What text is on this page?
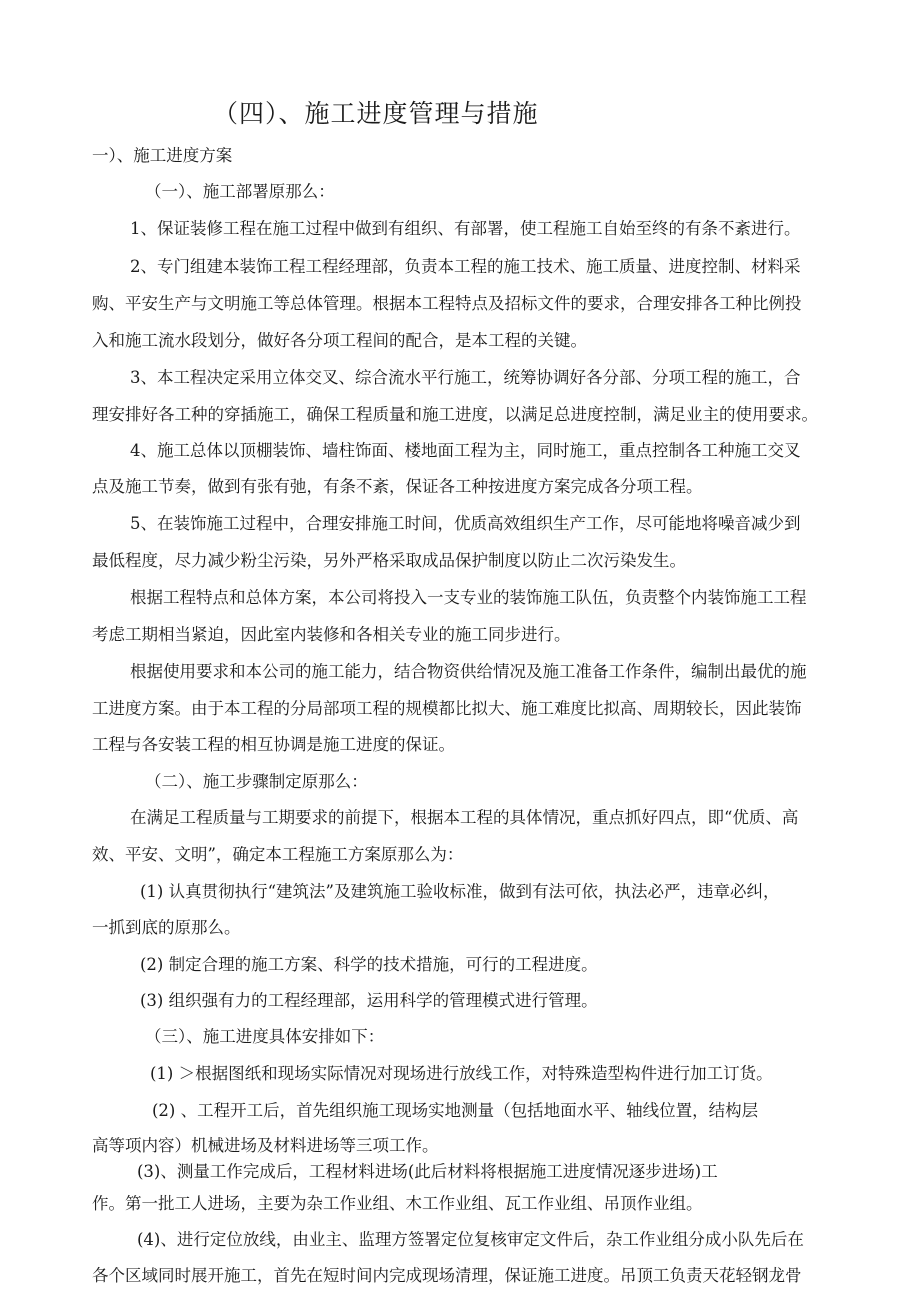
（四）、施工进度管理与措施
一）、施工进度方案
（一）、施工部署原那么：
1、保证装修工程在施工过程中做到有组织、有部署，使工程施工自始至终的有条不紊进行。
2、专门组建本装饰工程工程经理部，负责本工程的施工技术、施工质量、进度控制、材料采
购、平安生产与文明施工等总体管理。根据本工程特点及招标文件的要求，合理安排各工种比例投
入和施工流水段划分，做好各分项工程间的配合，是本工程的关键。
3、本工程决定采用立体交叉、综合流水平行施工，统筹协调好各分部、分项工程的施工，合
理安排好各工种的穿插施工，确保工程质量和施工进度，以满足总进度控制，满足业主的使用要求。
4、施工总体以顶棚装饰、墙柱饰面、楼地面工程为主，同时施工，重点控制各工种施工交叉
点及施工节奏，做到有张有弛，有条不紊，保证各工种按进度方案完成各分项工程。
5、在装饰施工过程中，合理安排施工时间，优质高效组织生产工作，尽可能地将噪音减少到
最低程度，尽力减少粉尘污染，另外严格采取成品保护制度以防止二次污染发生。
根据工程特点和总体方案，本公司将投入一支专业的装饰施工队伍，负责整个内装饰施工工程
考虑工期相当紧迫，因此室内装修和各相关专业的施工同步进行。
根据使用要求和本公司的施工能力，结合物资供给情况及施工准备工作条件，编制出最优的施
工进度方案。由于本工程的分局部项工程的规模都比拟大、施工难度比拟高、周期较长，因此装饰
工程与各安装工程的相互协调是施工进度的保证。
（二）、施工步骤制定原那么：
在满足工程质量与工期要求的前提下，根据本工程的具体情况，重点抓好四点，即“优质、高
效、平安、文明”，确定本工程施工方案原那么为：
(1) 认真贯彻执行“建筑法”及建筑施工验收标准，做到有法可依，执法必严，违章必纠，
一抓到底的原那么。
(2) 制定合理的施工方案、科学的技术措施，可行的工程进度。
(3) 组织强有力的工程经理部，运用科学的管理模式进行管理。
（三）、施工进度具体安排如下：
(1) ＞根据图纸和现场实际情况对现场进行放线工作，对特殊造型构件进行加工订货。
(2) 、工程开工后，首先组织施工现场实地测量（包括地面水平、轴线位置，结构层
高等项内容）机械进场及材料进场等三项工作。
(3)、测量工作完成后，工程材料进场(此后材料将根据施工进度情况逐步进场)工
作。第一批工人进场，主要为杂工作业组、木工作业组、瓦工作业组、吊顶作业组。
(4)、进行定位放线，由业主、监理方签署定位复核审定文件后，杂工作业组分成小队先后在
各个区域同时展开施工，首先在短时间内完成现场清理，保证施工进度。吊顶工负责天花轻钢龙骨
